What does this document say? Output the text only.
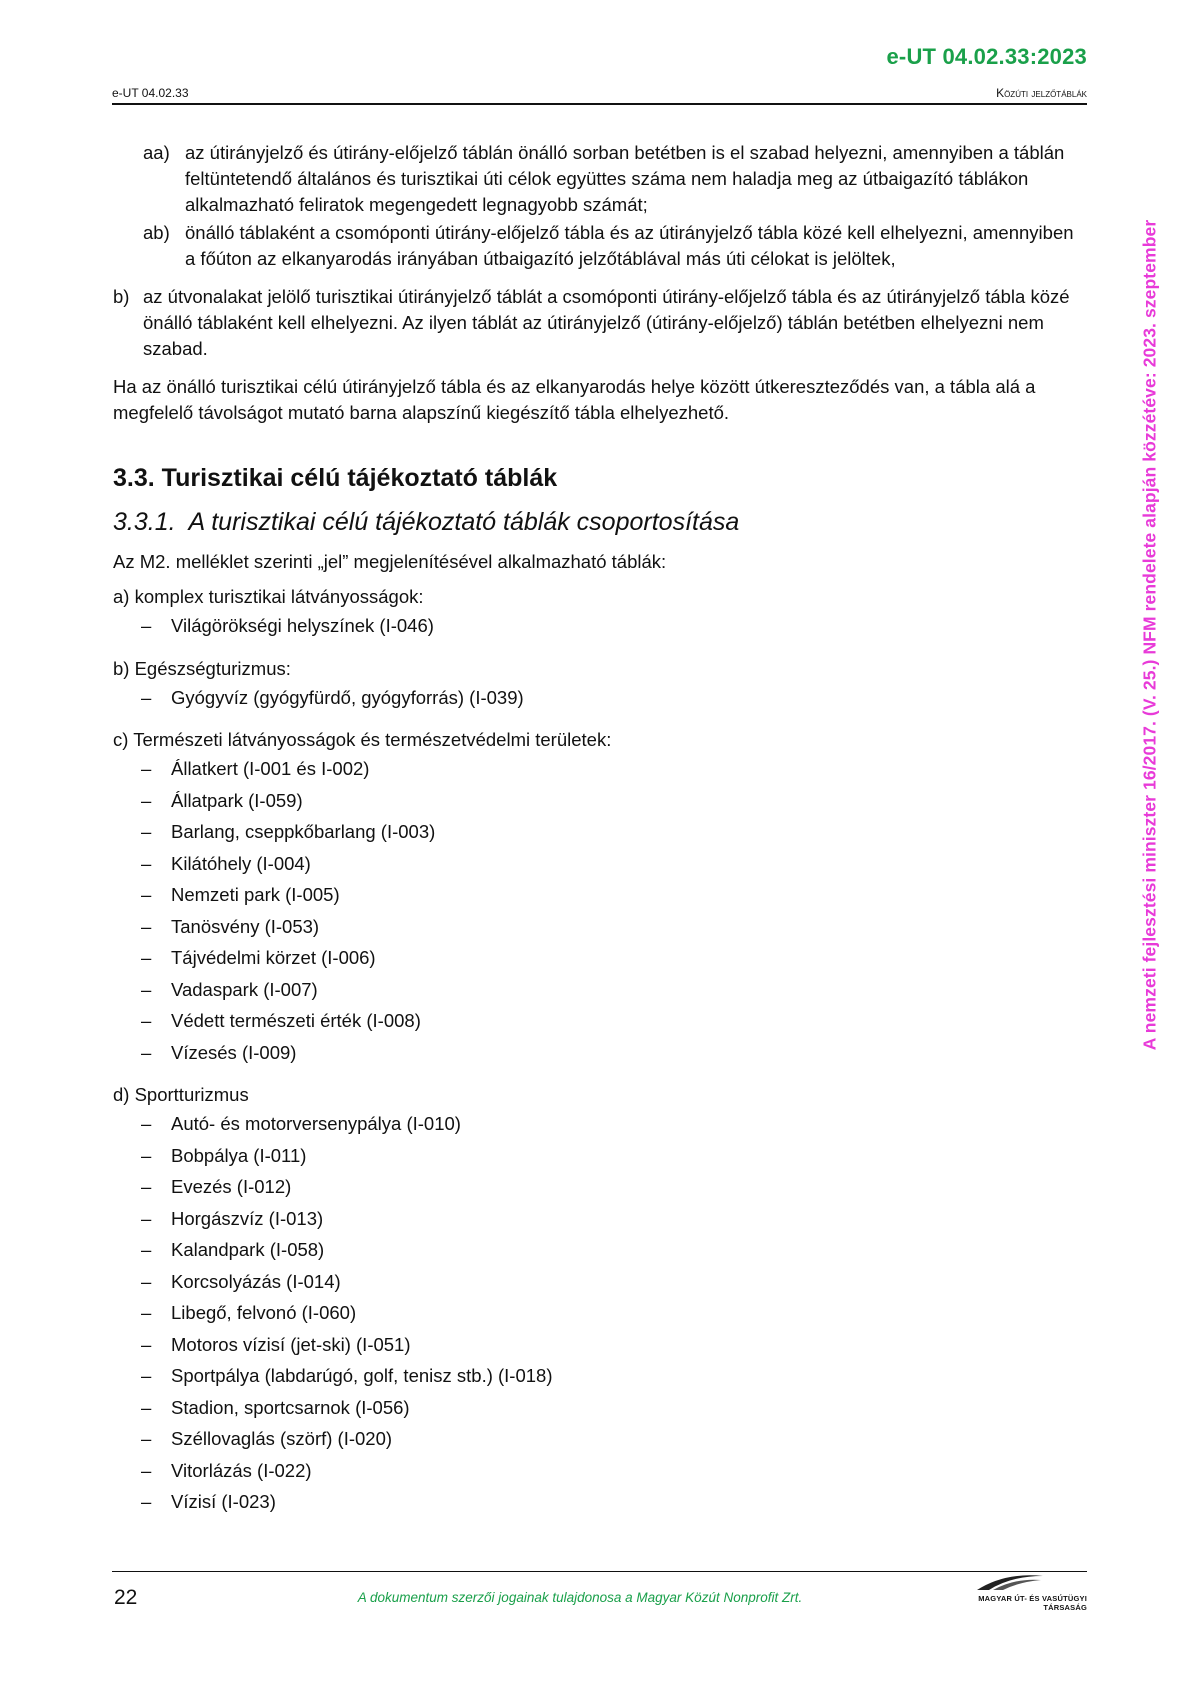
e-UT 04.02.33:2023
e-UT 04.02.33	Közúti jelzőtáblák
A nemzeti fejlesztési miniszter 16/2017. (V. 25.) NFM rendelete alapján közzétéve: 2023. szeptember
aa) az útirányjelző és útirány-előjelző táblán önálló sorban betétben is el szabad helyezni, amennyiben a táblán feltüntetendő általános és turisztikai úti célok együttes száma nem haladja meg az útbaigazító táblákon alkalmazható feliratok megengedett legnagyobb számát;
ab) önálló táblaként a csomóponti útirány-előjelző tábla és az útirányjelző tábla közé kell elhelyezni, amennyiben a főúton az elkanyarodás irányában útbaigazító jelzőtáblával más úti célokat is jelöltek,
b) az útvonalakat jelölő turisztikai útirányjelző táblát a csomóponti útirány-előjelző tábla és az útirányjelző tábla közé önálló táblaként kell elhelyezni. Az ilyen táblát az útirányjelző (útirány-előjelző) táblán betétben elhelyezni nem szabad.
Ha az önálló turisztikai célú útirányjelző tábla és az elkanyarodás helye között útkereszteződés van, a tábla alá a megfelelő távolságot mutató barna alapszínű kiegészítő tábla elhelyezhető.
3.3. Turisztikai célú tájékoztató táblák
3.3.1. A turisztikai célú tájékoztató táblák csoportosítása
Az M2. melléklet szerinti „jel” megjelenítésével alkalmazható táblák:
a) komplex turisztikai látványosságok:
– Világörökségi helyszínek (I-046)
b) Egészségturizmus:
– Gyógyvíz (gyógyfürdő, gyógyforrás) (I-039)
c) Természeti látványosságok és természetvédelmi területek:
– Állatkert (I-001 és I-002)
– Állatpark (I-059)
– Barlang, cseppkőbarlang (I-003)
– Kilátóhely (I-004)
– Nemzeti park (I-005)
– Tanösvény (I-053)
– Tájvédelmi körzet (I-006)
– Vadaspark (I-007)
– Védett természeti érték (I-008)
– Vízesés (I-009)
d) Sportturizmus
– Autó- és motorversenypálya (I-010)
– Bobpálya (I-011)
– Evezés (I-012)
– Horgászvíz (I-013)
– Kalandpark (I-058)
– Korcsolyázás (I-014)
– Libegő, felvonó (I-060)
– Motoros vízisí (jet-ski) (I-051)
– Sportpálya (labdarúgó, golf, tenisz stb.) (I-018)
– Stadion, sportcsarnok (I-056)
– Széllovaglás (szörf) (I-020)
– Vitorlázás (I-022)
– Vízisí (I-023)
22	A dokumentum szerzői jogainak tulajdonosa a Magyar Közút Nonprofit Zrt.	MAGYAR ÚT- ÉS VASÚTÜGYI TÁRSASÁG
